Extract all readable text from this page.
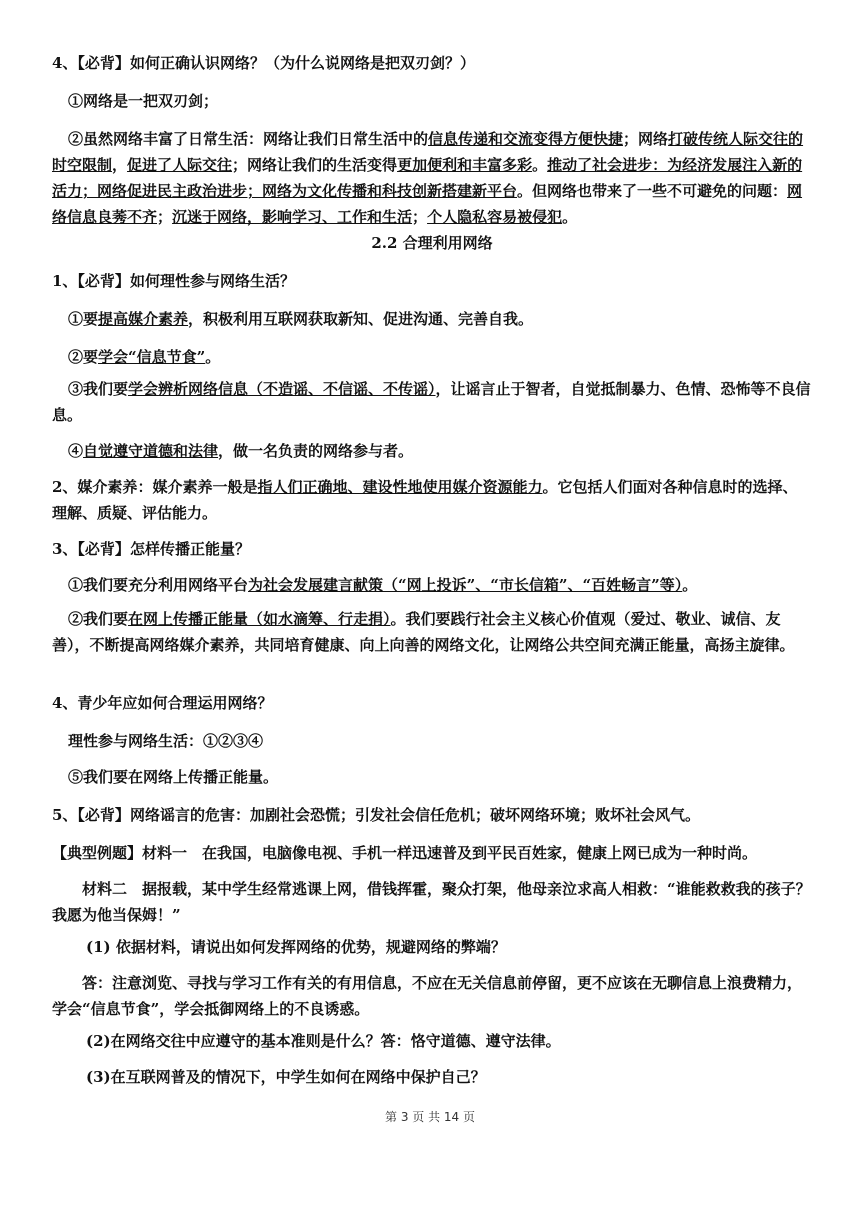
4、【必背】如何正确认识网络？（为什么说网络是把双刃剑？）

①网络是一把双刃剑；

②虽然网络丰富了日常生活：网络让我们日常生活中的信息传递和交流变得方便快捷；网络打破传统人际交往的时空限制，促进了人际交往；网络让我们的生活变得更加便利和丰富多彩。推动了社会进步：为经济发展注入新的活力；网络促进民主政治进步；网络为文化传播和科技创新搭建新平台。但网络也带来了一些不可避免的问题：网络信息良莠不齐；沉迷于网络，影响学习、工作和生活；个人隐私容易被侵犯。

2.2 合理利用网络

1、【必背】如何理性参与网络生活？

①要提高媒介素养，积极利用互联网获取新知、促进沟通、完善自我。

②要学会“信息节食”。

③我们要学会辨析网络信息（不造谣、不信谣、不传谣），让谣言止于智者，自觉抵制暴力、色情、恐怖等不良信息。

④自觉遵守道德和法律，做一名负责的网络参与者。

2、媒介素养：媒介素养一般是指人们正确地、建设性地使用媒介资源能力。它包括人们面对各种信息时的选择、理解、质疑、评估能力。

3、【必背】怎样传播正能量？

①我们要充分利用网络平台为社会发展建言献策（“网上投诉”、“市长信箱”、“百姓畅言”等）。

②我们要在网上传播正能量（如水滴筹、行走捐）。我们要践行社会主义核心价值观（爱过、敬业、诚信、友善），不断提高网络媒介素养，共同培育健康、向上向善的网络文化，让网络公共空间充满正能量，高扬主旋律。

4、青少年应如何合理运用网络？

理性参与网络生活：①②③④

⑤我们要在网络上传播正能量。

5、【必背】网络谣言的危害：加剧社会恐慌；引发社会信任危机；破坏网络环境；败坏社会风气。

【典型例题】材料一　在我国，电脑像电视、手机一样迅速普及到平民百姓家，健康上网已成为一种时尚。

材料二　据报载，某中学生经常逃课上网，借钱挥霍，聚众打架，他母亲泣求高人相救：“谁能救救我的孩子？我愿为他当保姆！”

(1) 依据材料，请说出如何发挥网络的优势，规避网络的弊端？

答：注意浏览、寻找与学习工作有关的有用信息，不应在无关信息前停留，更不应该在无聊信息上浪费精力，学会“信息节食”，学会抵御网络上的不良诱惑。

(2)在网络交往中应遵守的基本准则是什么？答：恪守道德、遵守法律。

(3)在互联网普及的情况下，中学生如何在网络中保护自己？

第 3 页 共 14 页
